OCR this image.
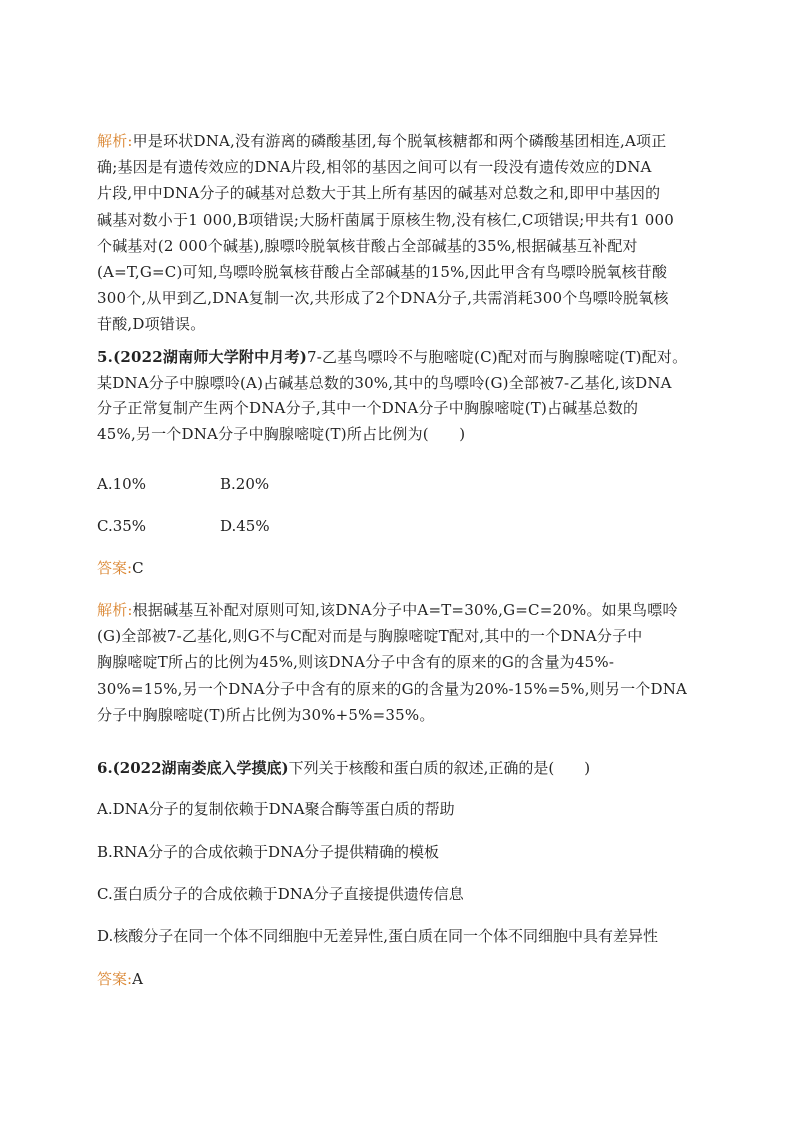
解析:甲是环状DNA,没有游离的磷酸基团,每个脱氧核糖都和两个磷酸基团相连,A项正
确;基因是有遗传效应的DNA片段,相邻的基因之间可以有一段没有遗传效应的DNA
片段,甲中DNA分子的碱基对总数大于其上所有基因的碱基对总数之和,即甲中基因的
碱基对数小于1 000,B项错误;大肠杆菌属于原核生物,没有核仁,C项错误;甲共有1 000
个碱基对(2 000个碱基),腺嘌呤脱氧核苷酸占全部碱基的35%,根据碱基互补配对
(A=T,G=C)可知,鸟嘌呤脱氧核苷酸占全部碱基的15%,因此甲含有鸟嘌呤脱氧核苷酸
300个,从甲到乙,DNA复制一次,共形成了2个DNA分子,共需消耗300个鸟嘌呤脱氧核
苷酸,D项错误。
5.(2022湖南师大学附中月考)7-乙基鸟嘌呤不与胞嘧啶(C)配对而与胸腺嘧啶(T)配对。
某DNA分子中腺嘌呤(A)占碱基总数的30%,其中的鸟嘌呤(G)全部被7-乙基化,该DNA
分子正常复制产生两个DNA分子,其中一个DNA分子中胸腺嘧啶(T)占碱基总数的
45%,另一个DNA分子中胸腺嘧啶(T)所占比例为(　　)
A.10%	B.20%
C.35%	D.45%
答案:C
解析:根据碱基互补配对原则可知,该DNA分子中A=T=30%,G=C=20%。如果鸟嘌呤
(G)全部被7-乙基化,则G不与C配对而是与胸腺嘧啶T配对,其中的一个DNA分子中
胸腺嘧啶T所占的比例为45%,则该DNA分子中含有的原来的G的含量为45%-
30%=15%,另一个DNA分子中含有的原来的G的含量为20%-15%=5%,则另一个DNA
分子中胸腺嘧啶(T)所占比例为30%+5%=35%。
6.(2022湖南娄底入学摸底)下列关于核酸和蛋白质的叙述,正确的是(　　)
A.DNA分子的复制依赖于DNA聚合酶等蛋白质的帮助
B.RNA分子的合成依赖于DNA分子提供精确的模板
C.蛋白质分子的合成依赖于DNA分子直接提供遗传信息
D.核酸分子在同一个体不同细胞中无差异性,蛋白质在同一个体不同细胞中具有差异性
答案:A
